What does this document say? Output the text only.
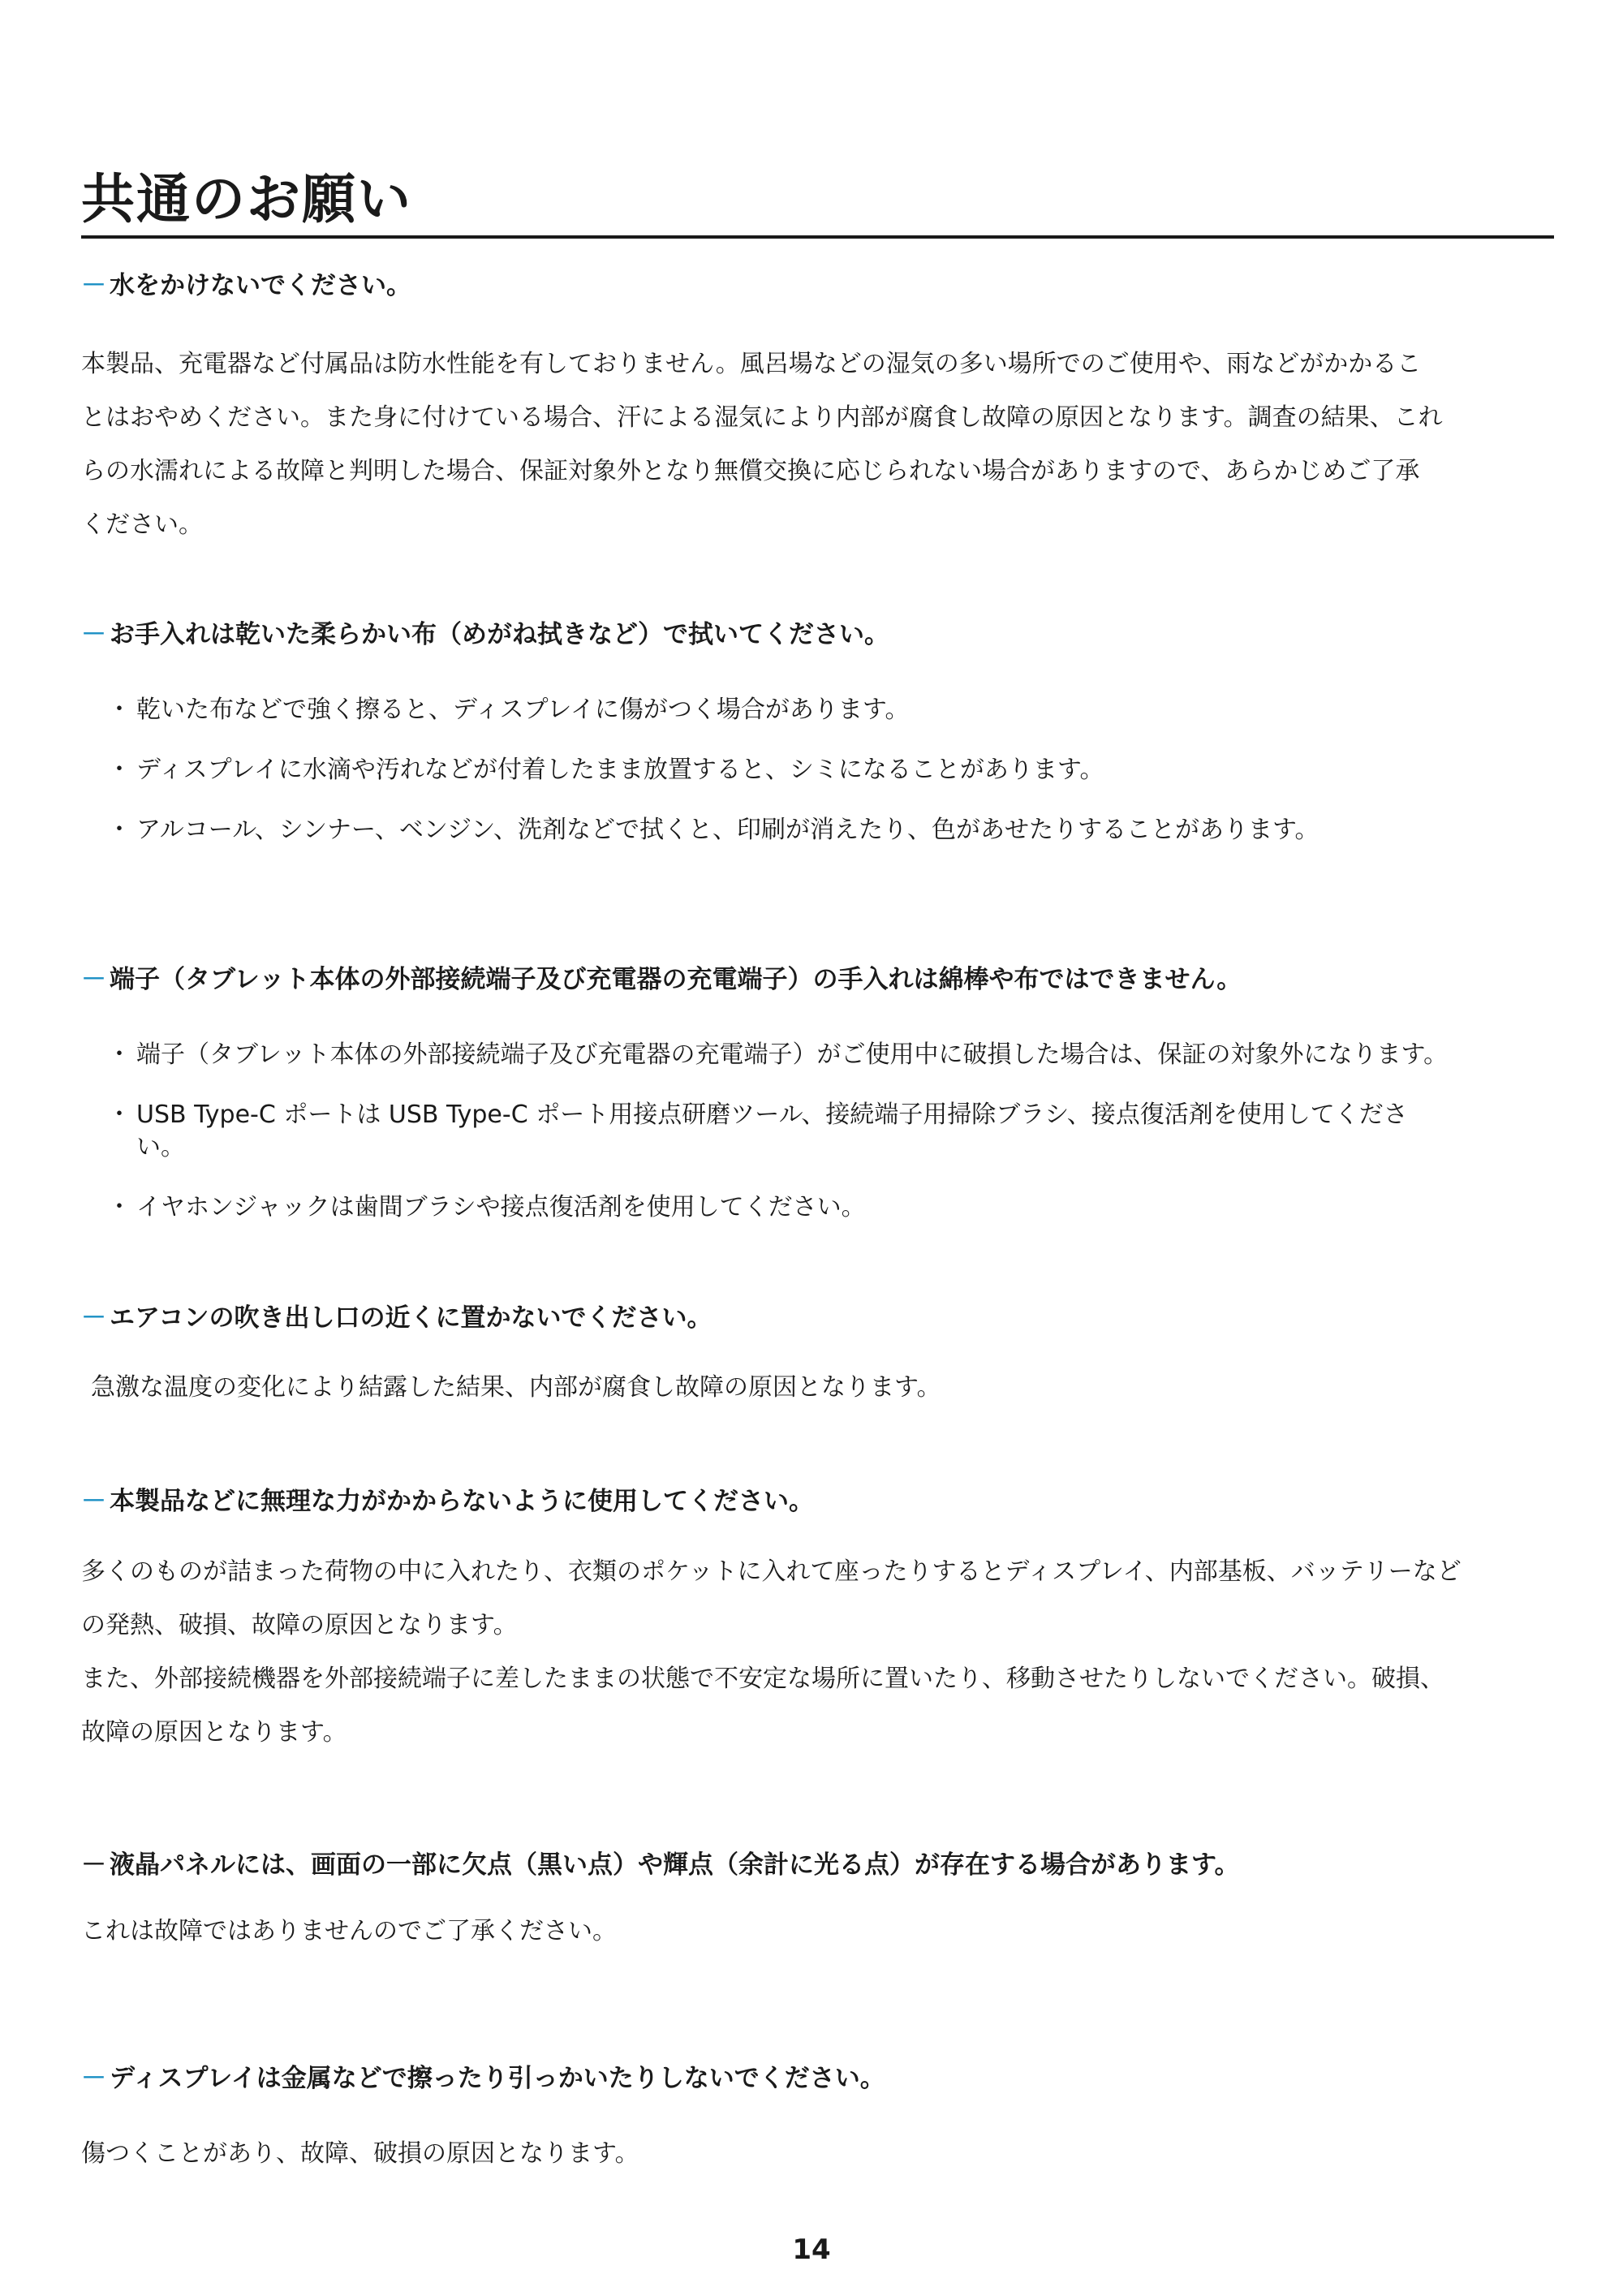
共通のお願い

－ 水をかけないでください。

本製品、充電器など付属品は防水性能を有しておりません。風呂場などの湿気の多い場所でのご使用や、雨などがかかるこ

とはおやめください。また身に付けている場合、汗による湿気により内部が腐食し故障の原因となります。調査の結果、これ

らの水濡れによる故障と判明した場合、保証対象外となり無償交換に応じられない場合がありますので、あらかじめご了承

ください。

－ お手入れは乾いた柔らかい布（めがね拭きなど）で拭いてください。

・ 乾いた布などで強く擦ると、ディスプレイに傷がつく場合があります。
・ ディスプレイに水滴や汚れなどが付着したまま放置すると、シミになることがあります。
・ アルコール、シンナー、ベンジン、洗剤などで拭くと、印刷が消えたり、色があせたりすることがあります。

－ 端子（タブレット本体の外部接続端子及び充電器の充電端子）の手入れは綿棒や布ではできません。

・ 端子（タブレット本体の外部接続端子及び充電器の充電端子）がご使用中に破損した場合は、保証の対象外になります。
・ USB Type-C ポートは USB Type-C ポート用接点研磨ツール、接続端子用掃除ブラシ、接点復活剤を使用してくださ
い。
・ イヤホンジャックは歯間ブラシや接点復活剤を使用してください。

－ エアコンの吹き出し口の近くに置かないでください。

急激な温度の変化により結露した結果、内部が腐食し故障の原因となります。

－ 本製品などに無理な力がかからないように使用してください。

多くのものが詰まった荷物の中に入れたり、衣類のポケットに入れて座ったりするとディスプレイ、内部基板、バッテリーなど

の発熱、破損、故障の原因となります。

また、外部接続機器を外部接続端子に差したままの状態で不安定な場所に置いたり、移動させたりしないでください。破損、

故障の原因となります。

－ 液晶パネルには、画面の一部に欠点（黒い点）や輝点（余計に光る点）が存在する場合があります。

これは故障ではありませんのでご了承ください。

－ ディスプレイは金属などで擦ったり引っかいたりしないでください。

傷つくことがあり、故障、破損の原因となります。

14
